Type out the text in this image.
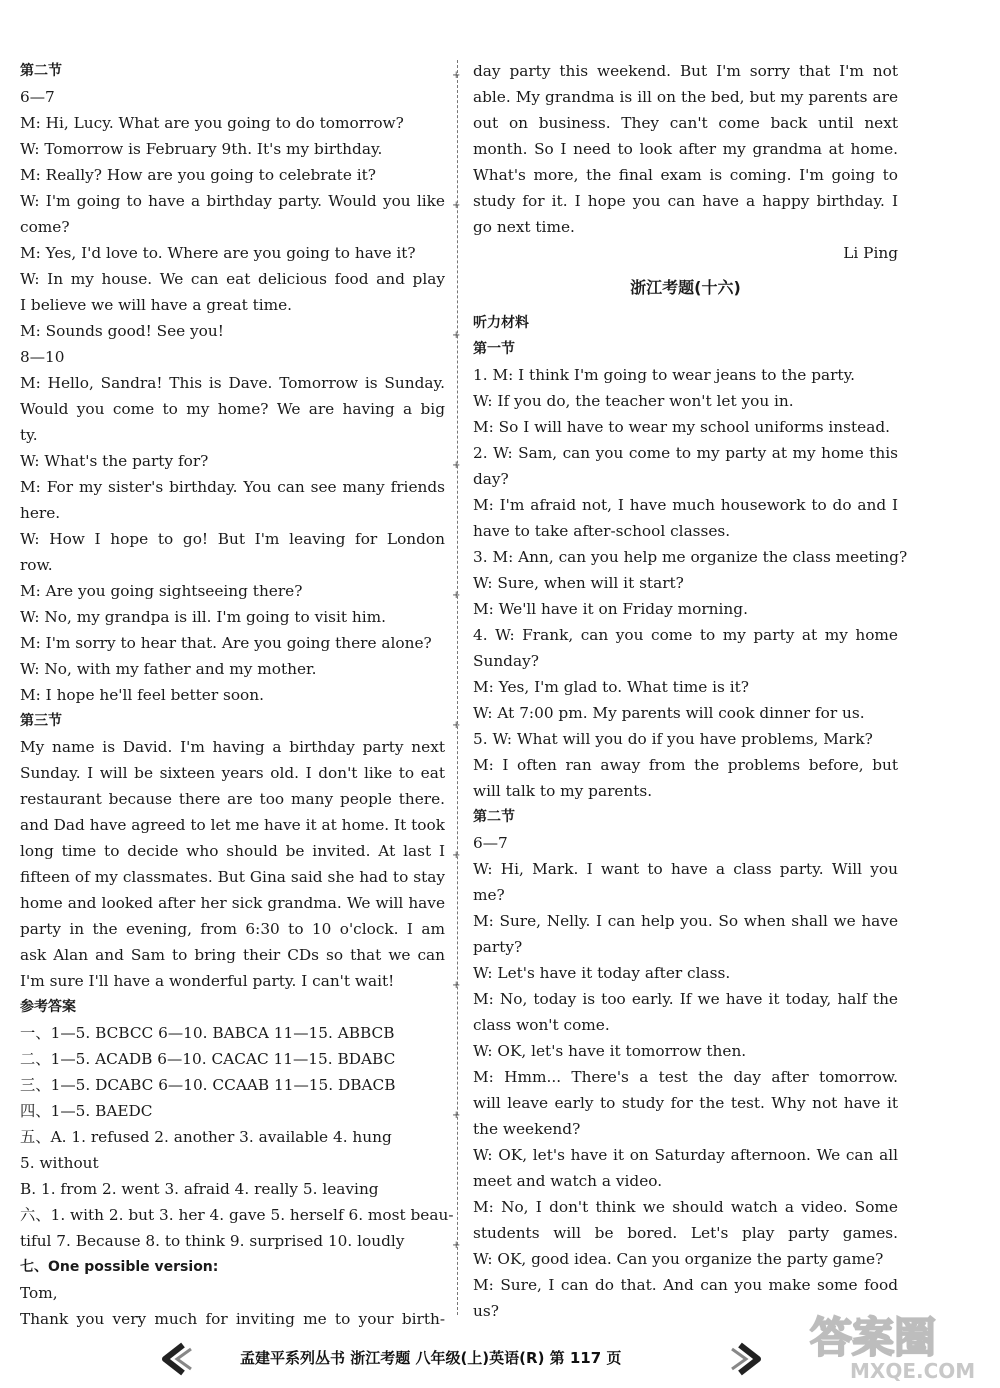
第二节
6—7
M: Hi, Lucy. What are you going to do tomorrow?
W: Tomorrow is February 9th. It's my birthday.
M: Really? How are you going to celebrate it?
W: I'm going to have a birthday party. Would you like
come?
M: Yes, I'd love to. Where are you going to have it?
W: In my house. We can eat delicious food and play
I believe we will have a great time.
M: Sounds good! See you!
8—10
M: Hello, Sandra! This is Dave. Tomorrow is Sunday.
Would you come to my home? We are having a big
ty.
W: What's the party for?
M: For my sister's birthday. You can see many friends
here.
W: How I hope to go! But I'm leaving for London
row.
M: Are you going sightseeing there?
W: No, my grandpa is ill. I'm going to visit him.
M: I'm sorry to hear that. Are you going there alone?
W: No, with my father and my mother.
M: I hope he'll feel better soon.
第三节
My name is David. I'm having a birthday party next
Sunday. I will be sixteen years old. I don't like to eat
restaurant because there are too many people there.
and Dad have agreed to let me have it at home. It took
long time to decide who should be invited. At last I
fifteen of my classmates. But Gina said she had to stay
home and looked after her sick grandma. We will have
party in the evening, from 6:30 to 10 o'clock. I am
ask Alan and Sam to bring their CDs so that we can
I'm sure I'll have a wonderful party. I can't wait!
参考答案
一、1—5. BCBCC 6—10. BABCA 11—15. ABBCB
二、1—5. ACADB 6—10. CACAC 11—15. BDABC
三、1—5. DCABC 6—10. CCAAB 11—15. DBACB
四、1—5. BAEDC
五、A. 1. refused 2. another 3. available 4. hung
5. without
B. 1. from 2. went 3. afraid 4. really 5. leaving
六、1. with 2. but 3. her 4. gave 5. herself 6. most beau-
tiful 7. Because 8. to think 9. surprised 10. loudly
七、One possible version:
Tom,
Thank you very much for inviting me to your birth-
day party this weekend. But I'm sorry that I'm not
able. My grandma is ill on the bed, but my parents are
out on business. They can't come back until next
month. So I need to look after my grandma at home.
What's more, the final exam is coming. I'm going to
study for it. I hope you can have a happy birthday. I
go next time.
Li Ping
浙江考题(十六)
听力材料
第一节
1. M: I think I'm going to wear jeans to the party.
W: If you do, the teacher won't let you in.
M: So I will have to wear my school uniforms instead.
2. W: Sam, can you come to my party at my home this
day?
M: I'm afraid not, I have much housework to do and I
have to take after-school classes.
3. M: Ann, can you help me organize the class meeting?
W: Sure, when will it start?
M: We'll have it on Friday morning.
4. W: Frank, can you come to my party at my home
Sunday?
M: Yes, I'm glad to. What time is it?
W: At 7:00 pm. My parents will cook dinner for us.
5. W: What will you do if you have problems, Mark?
M: I often ran away from the problems before, but
will talk to my parents.
第二节
6—7
W: Hi, Mark. I want to have a class party. Will you
me?
M: Sure, Nelly. I can help you. So when shall we have
party?
W: Let's have it today after class.
M: No, today is too early. If we have it today, half the
class won't come.
W: OK, let's have it tomorrow then.
M: Hmm... There's a test the day after tomorrow.
will leave early to study for the test. Why not have it
the weekend?
W: OK, let's have it on Saturday afternoon. We can all
meet and watch a video.
M: No, I don't think we should watch a video. Some
students will be bored. Let's play party games.
W: OK, good idea. Can you organize the party game?
M: Sure, I can do that. And can you make some food
us?
孟建平系列丛书 浙江考题 八年级(上)英语(R) 第 117 页	答案圈
MXQE.COM
+
+
+
+
+
+
+
+
+
+
